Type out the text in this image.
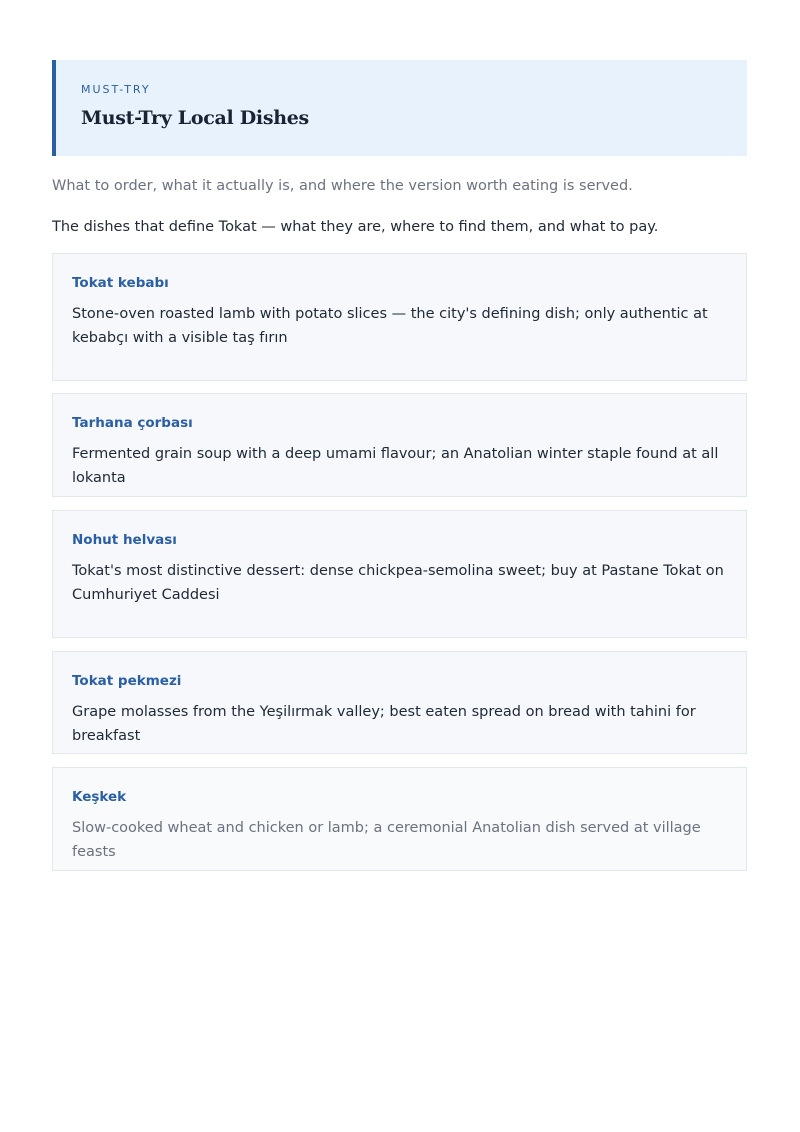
MUST-TRY
Must-Try Local Dishes
What to order, what it actually is, and where the version worth eating is served.
The dishes that define Tokat — what they are, where to find them, and what to pay.
Tokat kebabı
Stone-oven roasted lamb with potato slices — the city's defining dish; only authentic at kebabçı with a visible taş fırın
Tarhana çorbası
Fermented grain soup with a deep umami flavour; an Anatolian winter staple found at all lokanta
Nohut helvası
Tokat's most distinctive dessert: dense chickpea-semolina sweet; buy at Pastane Tokat on Cumhuriyet Caddesi
Tokat pekmezi
Grape molasses from the Yeşilırmak valley; best eaten spread on bread with tahini for breakfast
Keşkek
Slow-cooked wheat and chicken or lamb; a ceremonial Anatolian dish served at village feasts
